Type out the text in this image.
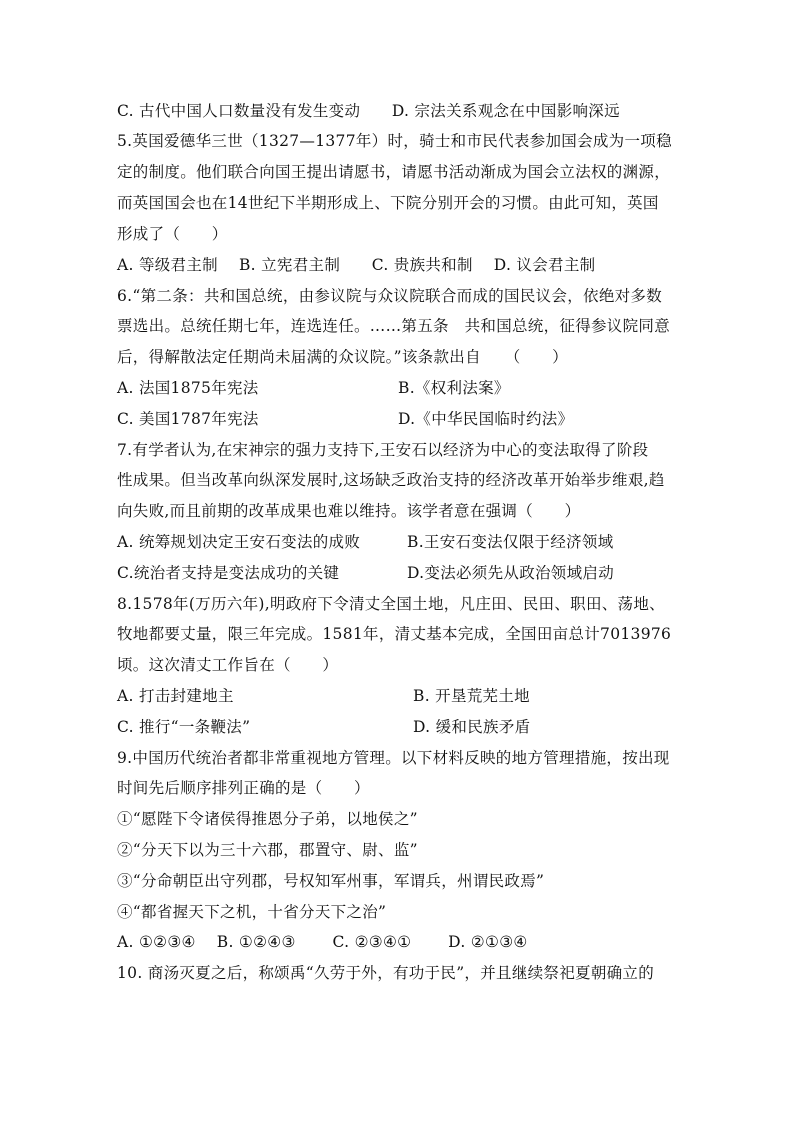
C. 古代中国人口数量没有发生变动　　D. 宗法关系观念在中国影响深远
5.英国爱德华三世（1327—1377年）时，骑士和市民代表参加国会成为一项稳
定的制度。他们联合向国王提出请愿书，请愿书活动渐成为国会立法权的渊源，
而英国国会也在14世纪下半期形成上、下院分别开会的习惯。由此可知，英国
形成了（　　）
A. 等级君主制　 B. 立宪君主制　　C. 贵族共和制　 D. 议会君主制
6.“第二条：共和国总统，由参议院与众议院联合而成的国民议会，依绝对多数
票选出。总统任期七年，连选连任。……第五条　共和国总统，征得参议院同意
后，得解散法定任期尚未届满的众议院。”该条款出自　　（　　）
A. 法国1875年宪法	B.《权利法案》
C. 美国1787年宪法	D.《中华民国临时约法》
7.有学者认为,在宋神宗的强力支持下,王安石以经济为中心的变法取得了阶段
性成果。但当改革向纵深发展时,这场缺乏政治支持的经济改革开始举步维艰,趋
向失败,而且前期的改革成果也难以维持。该学者意在强调（　　）
A. 统筹规划决定王安石变法的成败	B.王安石变法仅限于经济领域
C.统治者支持是变法成功的关键	D.变法必须先从政治领域启动
8.1578年(万历六年),明政府下令清丈全国土地，凡庄田、民田、职田、荡地、
牧地都要丈量，限三年完成。1581年，清丈基本完成，全国田亩总计7013976
顷。这次清丈工作旨在（　　）
A. 打击封建地主	B. 开垦荒芜土地
C. 推行“一条鞭法”	D. 缓和民族矛盾
9.中国历代统治者都非常重视地方管理。以下材料反映的地方管理措施，按出现
时间先后顺序排列正确的是（　　）
①“愿陛下令诸侯得推恩分子弟，以地侯之”
②“分天下以为三十六郡，郡置守、尉、监”
③“分命朝臣出守列郡，号权知军州事，军谓兵，州谓民政焉”
④“都省握天下之机，十省分天下之治”
A. ①②③④　 B. ①②④③　　 C. ②③④①　　 D. ②①③④
10. 商汤灭夏之后，称颂禹“久劳于外，有功于民”，并且继续祭祀夏朝确立的
